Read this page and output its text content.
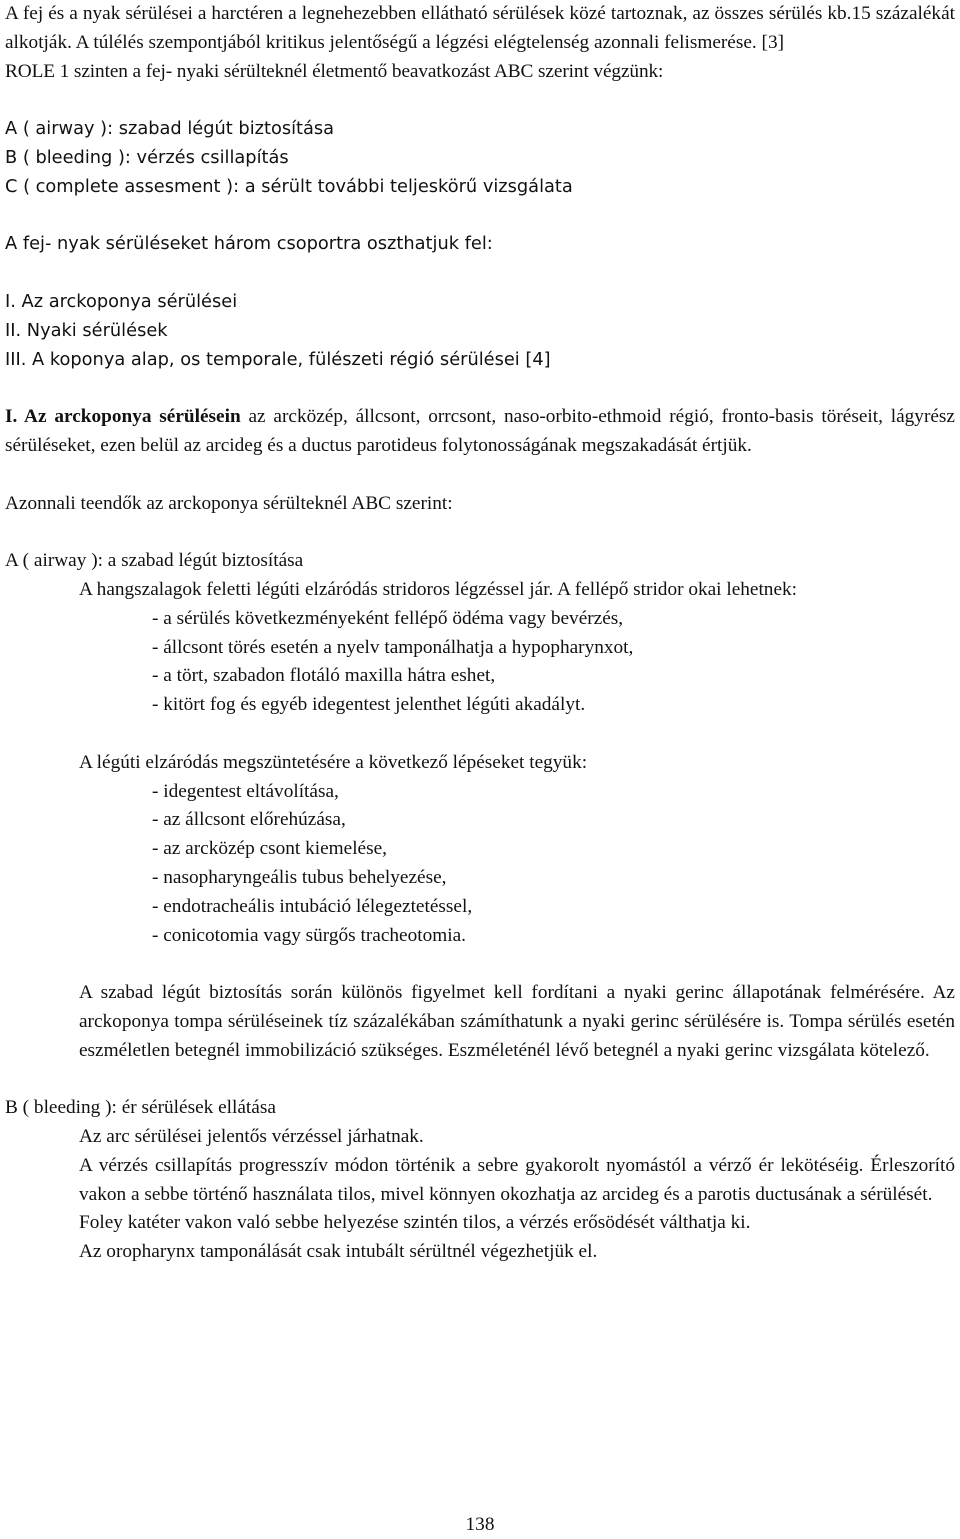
A fej és a nyak sérülései a harctéren a legnehezebben ellátható sérülések közé tartoznak, az összes sérülés kb.15 százalékát alkotják. A túlélés szempontjából kritikus jelentőségű a légzési elégtelenség azonnali felismerése. [3]

ROLE 1 szinten a fej- nyaki sérülteknél életmentő beavatkozást ABC szerint végzünk:

A ( airway ): szabad légút biztosítása

B ( bleeding ): vérzés csillapítás

C ( complete assesment ): a sérült további teljeskörű vizsgálata

A fej- nyak sérüléseket három csoportra oszthatjuk fel:

I. Az arckoponya sérülései

II. Nyaki sérülések

III. A koponya alap, os temporale, fülészeti régió sérülései [4]

I. Az arckoponya sérülésein az arcközép, állcsont, orrcsont, naso-orbito-ethmoid régió, fronto-basis töréseit, lágyrész sérüléseket, ezen belül az arcideg és a ductus parotideus folytonosságának megszakadását értjük.

Azonnali teendők az arckoponya sérülteknél ABC szerint:

A ( airway ): a szabad légút biztosítása

A hangszalagok feletti légúti elzáródás stridoros légzéssel jár. A fellépő stridor okai lehetnek:

- a sérülés következményeként fellépő ödéma vagy bevérzés,

- állcsont törés esetén a nyelv tamponálhatja a hypopharynxot,

- a tört, szabadon flotáló maxilla hátra eshet,

- kitört fog és egyéb idegentest jelenthet légúti akadályt.

A légúti elzáródás megszüntetésére a következő lépéseket tegyük:

- idegentest eltávolítása,

- az állcsont előrehúzása,

- az arcközép csont kiemelése,

- nasopharyngeális tubus behelyezése,

- endotracheális intubáció lélegeztetéssel,

- conicotomia vagy sürgős tracheotomia.

A szabad légút biztosítás során különös figyelmet kell fordítani a nyaki gerinc állapotának felmérésére. Az arckoponya tompa sérüléseinek tíz százalékában számíthatunk a nyaki gerinc sérülésére is. Tompa sérülés esetén eszméletlen betegnél immobilizáció szükséges. Eszméleténél lévő betegnél a nyaki gerinc vizsgálata kötelező.

B ( bleeding ): ér sérülések ellátása

Az arc sérülései jelentős vérzéssel járhatnak.

A vérzés csillapítás progresszív módon történik a sebre gyakorolt nyomástól a vérző ér lekötéséig. Érleszorító vakon a sebbe történő használata tilos, mivel könnyen okozhatja az arcideg és a parotis ductusának a sérülését.

Foley katéter vakon való sebbe helyezése szintén tilos, a vérzés erősödését válthatja ki.

Az oropharynx tamponálását csak intubált sérültnél végezhetjük el.

138
